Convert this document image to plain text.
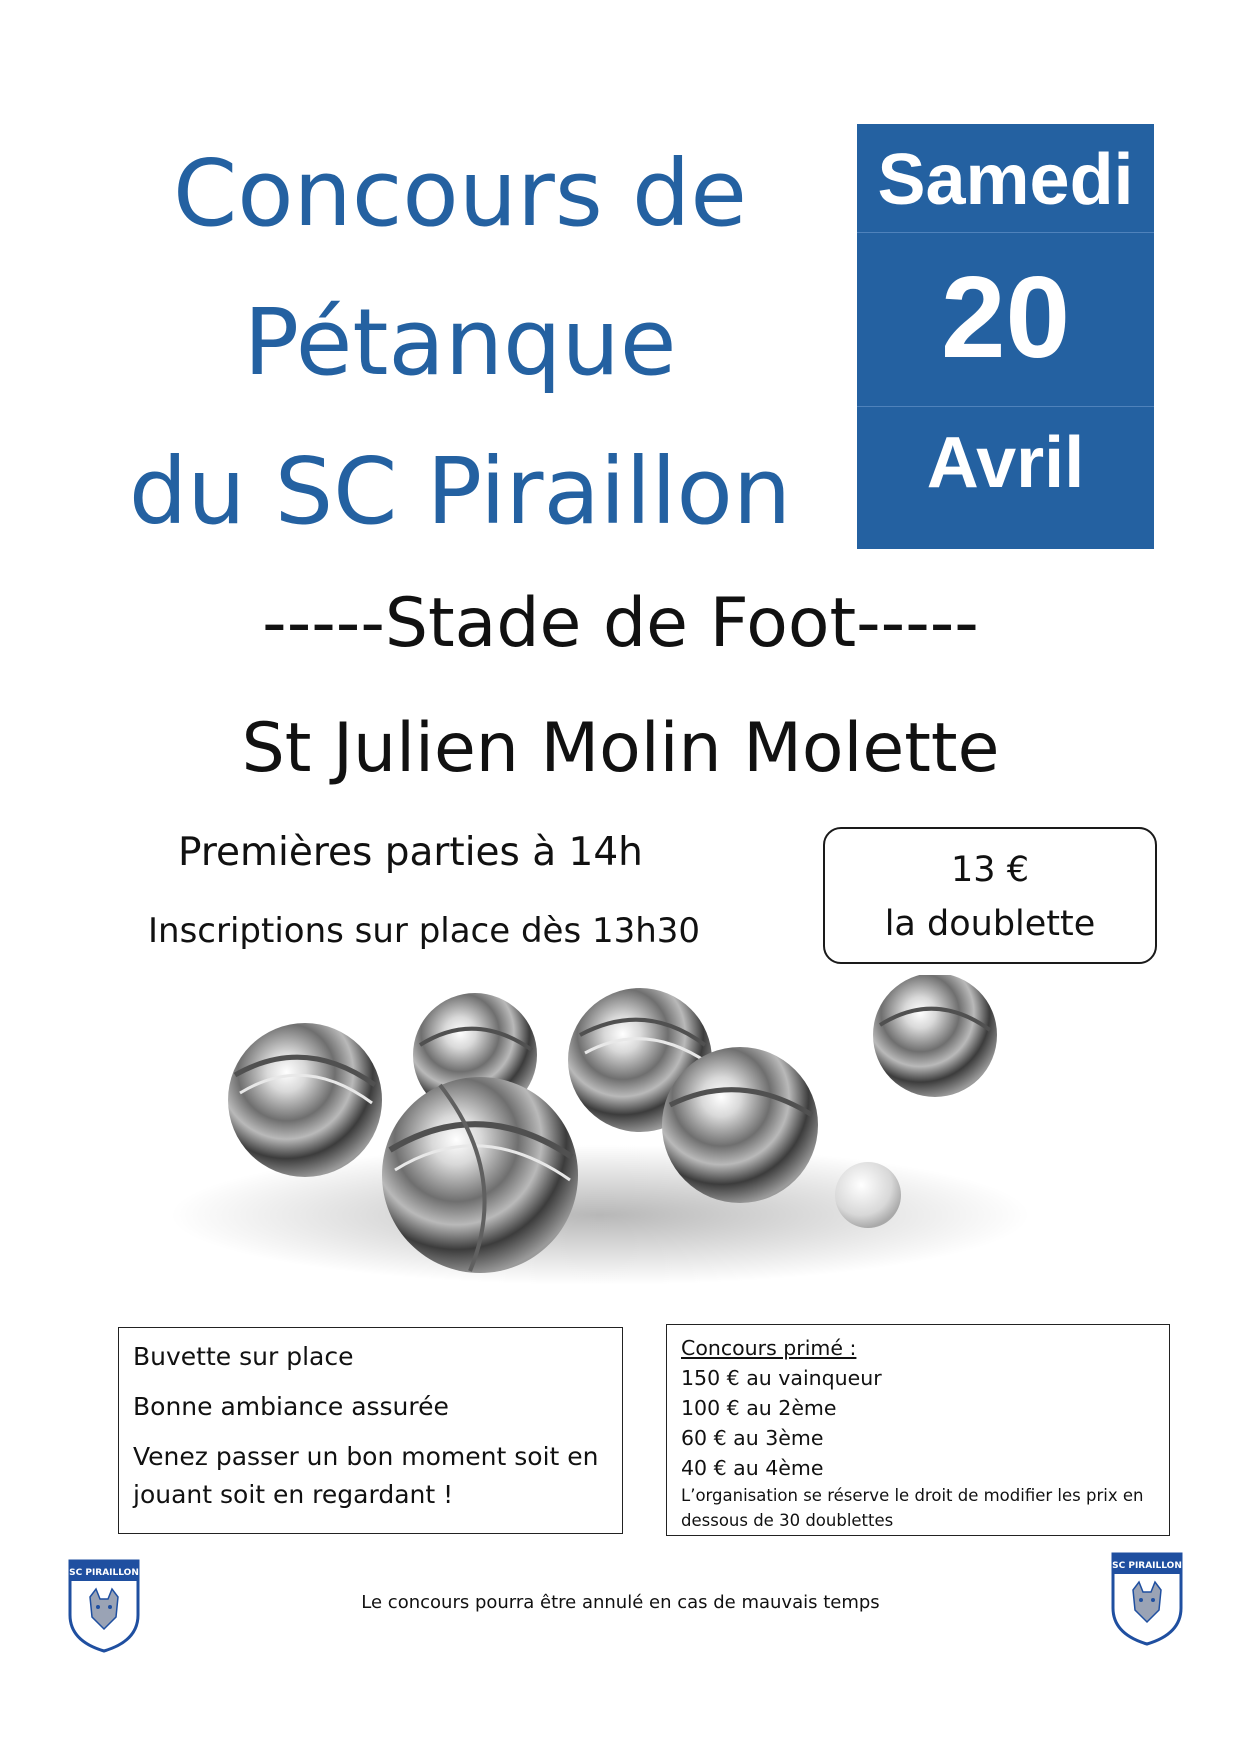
Concours de
Pétanque
du SC Piraillon
Samedi
20
Avril
-----Stade de Foot-----
St Julien Molin Molette
Premières parties à 14h
Inscriptions sur place dès 13h30
13 €
la doublette
Buvette sur place
Bonne ambiance assurée
Venez passer un bon moment soit en
jouant soit en regardant !
Concours primé :
150 € au vainqueur
100 € au 2ème
60 € au 3ème
40 € au 4ème
L’organisation se réserve le droit de modifier les prix en
dessous de 30 doublettes
Le concours pourra être annulé en cas de mauvais temps
SC PIRAILLON
SC PIRAILLON
